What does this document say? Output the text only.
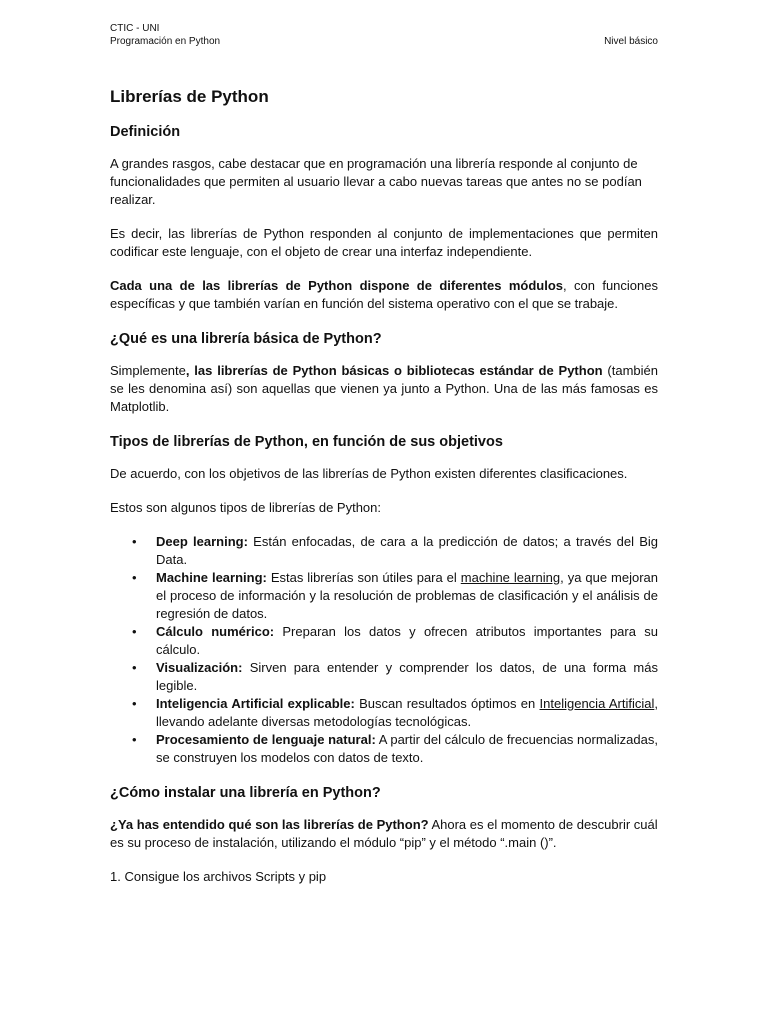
CTIC - UNI
Programación en Python	Nivel básico
Librerías de Python
Definición

A grandes rasgos, cabe destacar que en programación una librería responde al conjunto de funcionalidades que permiten al usuario llevar a cabo nuevas tareas que antes no se podían realizar.

Es decir, las librerías de Python responden al conjunto de implementaciones que permiten codificar este lenguaje, con el objeto de crear una interfaz independiente.

Cada una de las librerías de Python dispone de diferentes módulos, con funciones específicas y que también varían en función del sistema operativo con el que se trabaje.

¿Qué es una librería básica de Python?

Simplemente, las librerías de Python básicas o bibliotecas estándar de Python (también se les denomina así) son aquellas que vienen ya junto a Python. Una de las más famosas es Matplotlib.

Tipos de librerías de Python, en función de sus objetivos

De acuerdo, con los objetivos de las librerías de Python existen diferentes clasificaciones.

Estos son algunos tipos de librerías de Python:

• Deep learning: Están enfocadas, de cara a la predicción de datos; a través del Big Data.
• Machine learning: Estas librerías son útiles para el machine learning, ya que mejoran el proceso de información y la resolución de problemas de clasificación y el análisis de regresión de datos.
• Cálculo numérico: Preparan los datos y ofrecen atributos importantes para su cálculo.
• Visualización: Sirven para entender y comprender los datos, de una forma más legible.
• Inteligencia Artificial explicable: Buscan resultados óptimos en Inteligencia Artificial, llevando adelante diversas metodologías tecnológicas.
• Procesamiento de lenguaje natural: A partir del cálculo de frecuencias normalizadas, se construyen los modelos con datos de texto.
¿Cómo instalar una librería en Python?

¿Ya has entendido qué son las librerías de Python? Ahora es el momento de descubrir cuál es su proceso de instalación, utilizando el módulo “pip” y el método “.main ()”.

1. Consigue los archivos Scripts y pip
